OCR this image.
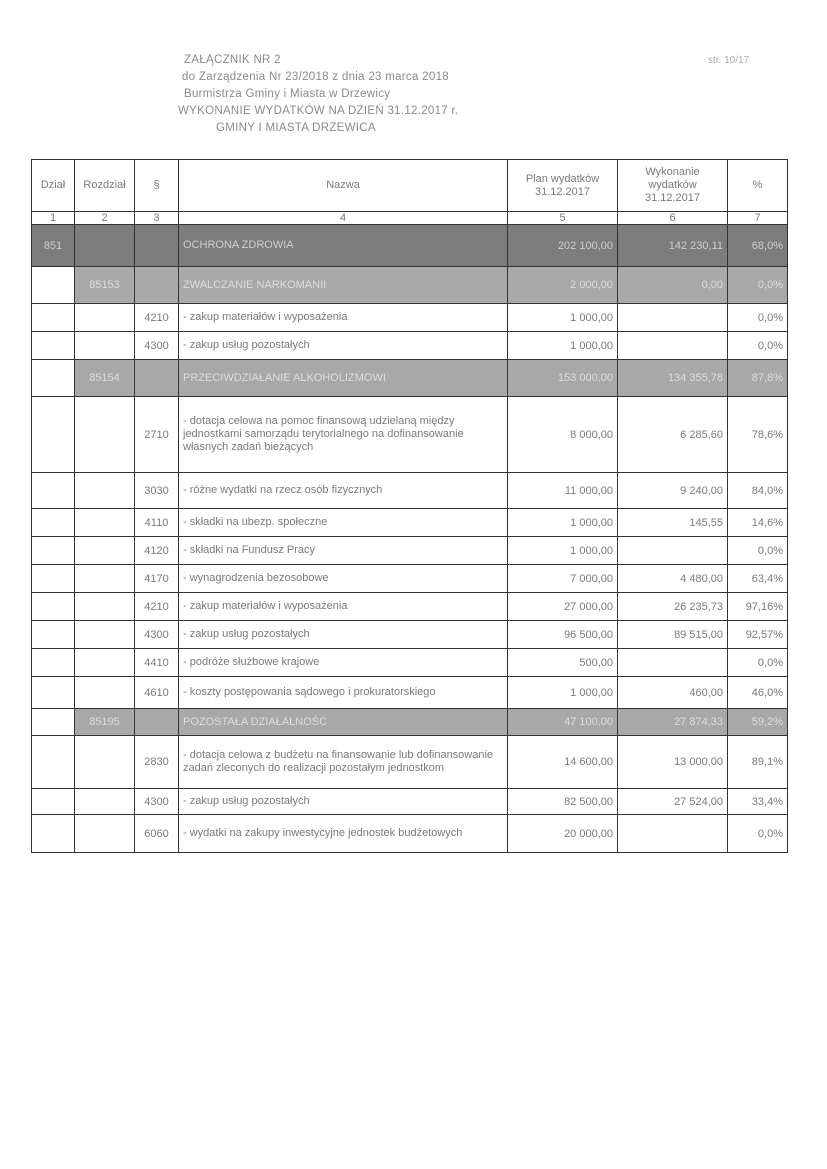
str. 10/17
ZAŁĄCZNIK NR 2
do Zarządzenia Nr 23/2018 z dnia 23 marca 2018
Burmistrza Gminy i Miasta w Drzewicy
WYKONANIE WYDATKÓW NA DZIEŃ 31.12.2017 r.
GMINY I MIASTA DRZEWICA
Dział	Rozdział	§	Nazwa	Plan wydatków 31.12.2017	Wykonanie wydatków 31.12.2017	%
1	2	3	4	5	6	7
851			OCHRONA ZDROWIA	202 100,00	142 230,11	68,0%
	85153		ZWALCZANIE NARKOMANII	2 000,00	0,00	0,0%
		4210	- zakup materiałów i wyposażenia	1 000,00		0,0%
		4300	- zakup usług pozostałych	1 000,00		0,0%
	85154		PRZECIWDZIAŁANIE ALKOHOLIZMOWI	153 000,00	134 355,78	87,8%
		2710	- dotacja celowa na pomoc finansową udzielaną między jednostkami samorządu terytorialnego na dofinansowanie własnych zadań bieżących	8 000,00	6 285,60	78,6%
		3030	- różne wydatki na rzecz osób fizycznych	11 000,00	9 240,00	84,0%
		4110	- składki na ubezp. społeczne	1 000,00	145,55	14,6%
		4120	- składki na Fundusz Pracy	1 000,00		0,0%
		4170	- wynagrodzenia bezosobowe	7 000,00	4 480,00	63,4%
		4210	- zakup materiałów i wyposażenia	27 000,00	26 235,73	97,16%
		4300	- zakup usług pozostałych	96 500,00	89 515,00	92,57%
		4410	- podróże służbowe krajowe	500,00		0,0%
		4610	- koszty postępowania sądowego i prokuratorskiego	1 000,00	460,00	46,0%
	85195		POZOSTAŁA DZIAŁALNOŚĆ	47 100,00	27 874,33	59,2%
		2830	- dotacja celowa z budżetu na finansowanie lub dofinansowanie zadań zleconych do realizacji pozostałym jednostkom	14 600,00	13 000,00	89,1%
		4300	- zakup usług pozostałych	82 500,00	27 524,00	33,4%
		6060	- wydatki na zakupy inwestycyjne jednostek budżetowych	20 000,00		0,0%
